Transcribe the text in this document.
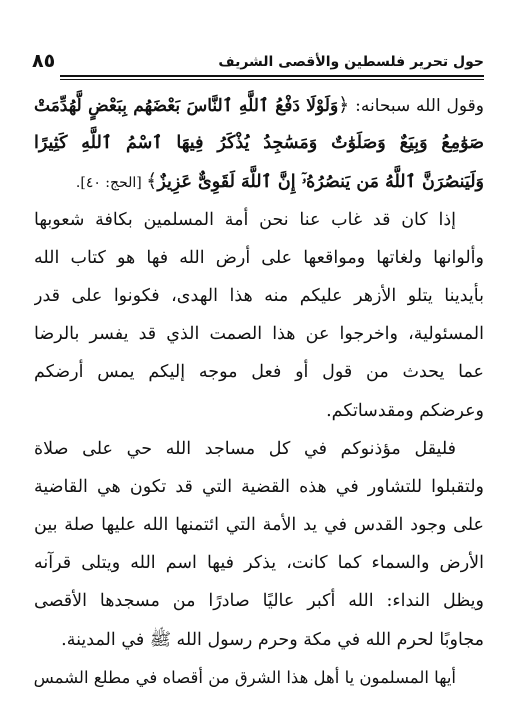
حول تحرير فلسطين والأقصى الشريف
٨٥
وقول الله سبحانه: ﴿وَلَوْلَا دَفْعُ ٱللَّهِ ٱلنَّاسَ بَعْضَهُم بِبَعْضٍ لَّهُدِّمَتْ
صَوَٰمِعُ وَبِيَعٌ وَصَلَوَٰتٌ وَمَسَٰجِدُ يُذْكَرُ فِيهَا ٱسْمُ ٱللَّهِ كَثِيرًا
وَلَيَنصُرَنَّ ٱللَّهُ مَن يَنصُرُهُۥٓ إِنَّ ٱللَّهَ لَقَوِىٌّ عَزِيزٌ﴾ [الحج: ٤٠].
إذا كان قد غاب عنا نحن أمة المسلمين بكافة شعوبها
وألوانها ولغاتها ومواقعها على أرض الله فها هو كتاب الله
بأيدينا يتلو الأزهر عليكم منه هذا الهدى، فكونوا على قدر
المسئولية، واخرجوا عن هذا الصمت الذي قد يفسر بالرضا
عما يحدث من قول أو فعل موجه إليكم يمس أرضكم
وعرضكم ومقدساتكم.
فليقل مؤذنوكم في كل مساجد الله حي على صلاة
ولتقبلوا للتشاور في هذه القضية التي قد تكون هي القاضية
على وجود القدس في يد الأمة التي ائتمنها الله عليها صلة بين
الأرض والسماء كما كانت، يذكر فيها اسم الله ويتلى قرآنه
ويظل النداء: الله أكبر عاليًا صادرًا من مسجدها الأقصى
مجاوبًا لحرم الله في مكة وحرم رسول الله ﷺ في المدينة.
أيها المسلمون يا أهل هذا الشرق من أقصاه في مطلع الشمس
